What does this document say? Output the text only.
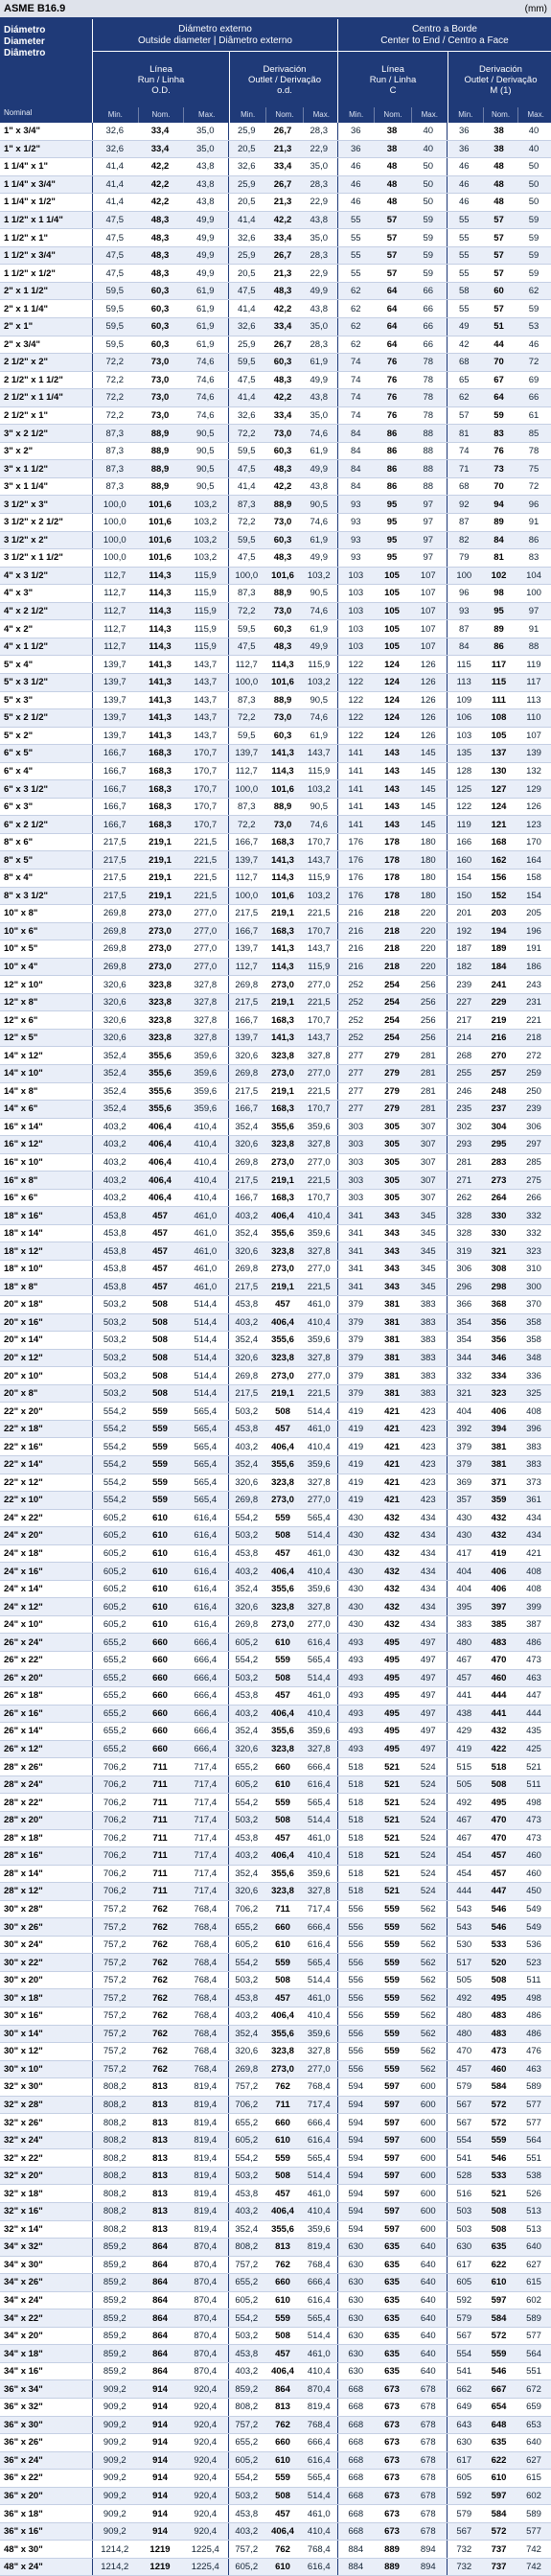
ASME B16.9	(mm)
Diámetro
Diameter
Diâmetro
Nominal
Diámetro externo
Outside diameter | Diâmetro externo
Línea
Run / Linha
O.D.
Derivación
Outlet / Derivação
o.d.
Min.	Nom.	Max.	Min.	Nom.	Max.
Centro a Borde
Center to End / Centro a Face
Línea
Run / Linha
C
Derivación
Outlet / Derivação
M (1)
Min.	Nom.	Max.	Min.	Nom.	Max.
1" x 3/4"	32,6	33,4	35,0	25,9	26,7	28,3	36	38	40	36	38	40
1" x 1/2"	32,6	33,4	35,0	20,5	21,3	22,9	36	38	40	36	38	40
1 1/4" x 1"	41,4	42,2	43,8	32,6	33,4	35,0	46	48	50	46	48	50
1 1/4" x 3/4"	41,4	42,2	43,8	25,9	26,7	28,3	46	48	50	46	48	50
1 1/4" x 1/2"	41,4	42,2	43,8	20,5	21,3	22,9	46	48	50	46	48	50
1 1/2" x 1 1/4"	47,5	48,3	49,9	41,4	42,2	43,8	55	57	59	55	57	59
1 1/2" x 1"	47,5	48,3	49,9	32,6	33,4	35,0	55	57	59	55	57	59
1 1/2" x 3/4"	47,5	48,3	49,9	25,9	26,7	28,3	55	57	59	55	57	59
1 1/2" x 1/2"	47,5	48,3	49,9	20,5	21,3	22,9	55	57	59	55	57	59
2" x 1 1/2"	59,5	60,3	61,9	47,5	48,3	49,9	62	64	66	58	60	62
2" x 1 1/4"	59,5	60,3	61,9	41,4	42,2	43,8	62	64	66	55	57	59
2" x 1"	59,5	60,3	61,9	32,6	33,4	35,0	62	64	66	49	51	53
2" x 3/4"	59,5	60,3	61,9	25,9	26,7	28,3	62	64	66	42	44	46
2 1/2" x 2"	72,2	73,0	74,6	59,5	60,3	61,9	74	76	78	68	70	72
2 1/2" x 1 1/2"	72,2	73,0	74,6	47,5	48,3	49,9	74	76	78	65	67	69
2 1/2" x 1 1/4"	72,2	73,0	74,6	41,4	42,2	43,8	74	76	78	62	64	66
2 1/2" x 1"	72,2	73,0	74,6	32,6	33,4	35,0	74	76	78	57	59	61
3" x 2 1/2"	87,3	88,9	90,5	72,2	73,0	74,6	84	86	88	81	83	85
3" x 2"	87,3	88,9	90,5	59,5	60,3	61,9	84	86	88	74	76	78
3" x 1 1/2"	87,3	88,9	90,5	47,5	48,3	49,9	84	86	88	71	73	75
3" x 1 1/4"	87,3	88,9	90,5	41,4	42,2	43,8	84	86	88	68	70	72
3 1/2" x 3"	100,0	101,6	103,2	87,3	88,9	90,5	93	95	97	92	94	96
3 1/2" x 2 1/2"	100,0	101,6	103,2	72,2	73,0	74,6	93	95	97	87	89	91
3 1/2" x 2"	100,0	101,6	103,2	59,5	60,3	61,9	93	95	97	82	84	86
3 1/2" x 1 1/2"	100,0	101,6	103,2	47,5	48,3	49,9	93	95	97	79	81	83
4" x 3 1/2"	112,7	114,3	115,9	100,0	101,6	103,2	103	105	107	100	102	104
4" x 3"	112,7	114,3	115,9	87,3	88,9	90,5	103	105	107	96	98	100
4" x 2 1/2"	112,7	114,3	115,9	72,2	73,0	74,6	103	105	107	93	95	97
4" x 2"	112,7	114,3	115,9	59,5	60,3	61,9	103	105	107	87	89	91
4" x 1 1/2"	112,7	114,3	115,9	47,5	48,3	49,9	103	105	107	84	86	88
5" x 4"	139,7	141,3	143,7	112,7	114,3	115,9	122	124	126	115	117	119
5" x 3 1/2"	139,7	141,3	143,7	100,0	101,6	103,2	122	124	126	113	115	117
5" x 3"	139,7	141,3	143,7	87,3	88,9	90,5	122	124	126	109	111	113
5" x 2 1/2"	139,7	141,3	143,7	72,2	73,0	74,6	122	124	126	106	108	110
5" x 2"	139,7	141,3	143,7	59,5	60,3	61,9	122	124	126	103	105	107
6" x 5"	166,7	168,3	170,7	139,7	141,3	143,7	141	143	145	135	137	139
6" x 4"	166,7	168,3	170,7	112,7	114,3	115,9	141	143	145	128	130	132
6" x 3 1/2"	166,7	168,3	170,7	100,0	101,6	103,2	141	143	145	125	127	129
6" x 3"	166,7	168,3	170,7	87,3	88,9	90,5	141	143	145	122	124	126
6" x 2 1/2"	166,7	168,3	170,7	72,2	73,0	74,6	141	143	145	119	121	123
8" x 6"	217,5	219,1	221,5	166,7	168,3	170,7	176	178	180	166	168	170
8" x 5"	217,5	219,1	221,5	139,7	141,3	143,7	176	178	180	160	162	164
8" x 4"	217,5	219,1	221,5	112,7	114,3	115,9	176	178	180	154	156	158
8" x 3 1/2"	217,5	219,1	221,5	100,0	101,6	103,2	176	178	180	150	152	154
10" x 8"	269,8	273,0	277,0	217,5	219,1	221,5	216	218	220	201	203	205
10" x 6"	269,8	273,0	277,0	166,7	168,3	170,7	216	218	220	192	194	196
10" x 5"	269,8	273,0	277,0	139,7	141,3	143,7	216	218	220	187	189	191
10" x 4"	269,8	273,0	277,0	112,7	114,3	115,9	216	218	220	182	184	186
12" x 10"	320,6	323,8	327,8	269,8	273,0	277,0	252	254	256	239	241	243
12" x 8"	320,6	323,8	327,8	217,5	219,1	221,5	252	254	256	227	229	231
12" x 6"	320,6	323,8	327,8	166,7	168,3	170,7	252	254	256	217	219	221
12" x 5"	320,6	323,8	327,8	139,7	141,3	143,7	252	254	256	214	216	218
14" x 12"	352,4	355,6	359,6	320,6	323,8	327,8	277	279	281	268	270	272
14" x 10"	352,4	355,6	359,6	269,8	273,0	277,0	277	279	281	255	257	259
14" x 8"	352,4	355,6	359,6	217,5	219,1	221,5	277	279	281	246	248	250
14" x 6"	352,4	355,6	359,6	166,7	168,3	170,7	277	279	281	235	237	239
16" x 14"	403,2	406,4	410,4	352,4	355,6	359,6	303	305	307	302	304	306
16" x 12"	403,2	406,4	410,4	320,6	323,8	327,8	303	305	307	293	295	297
16" x 10"	403,2	406,4	410,4	269,8	273,0	277,0	303	305	307	281	283	285
16" x 8"	403,2	406,4	410,4	217,5	219,1	221,5	303	305	307	271	273	275
16" x 6"	403,2	406,4	410,4	166,7	168,3	170,7	303	305	307	262	264	266
18" x 16"	453,8	457	461,0	403,2	406,4	410,4	341	343	345	328	330	332
18" x 14"	453,8	457	461,0	352,4	355,6	359,6	341	343	345	328	330	332
18" x 12"	453,8	457	461,0	320,6	323,8	327,8	341	343	345	319	321	323
18" x 10"	453,8	457	461,0	269,8	273,0	277,0	341	343	345	306	308	310
18" x 8"	453,8	457	461,0	217,5	219,1	221,5	341	343	345	296	298	300
20" x 18"	503,2	508	514,4	453,8	457	461,0	379	381	383	366	368	370
20" x 16"	503,2	508	514,4	403,2	406,4	410,4	379	381	383	354	356	358
20" x 14"	503,2	508	514,4	352,4	355,6	359,6	379	381	383	354	356	358
20" x 12"	503,2	508	514,4	320,6	323,8	327,8	379	381	383	344	346	348
20" x 10"	503,2	508	514,4	269,8	273,0	277,0	379	381	383	332	334	336
20" x 8"	503,2	508	514,4	217,5	219,1	221,5	379	381	383	321	323	325
22" x 20"	554,2	559	565,4	503,2	508	514,4	419	421	423	404	406	408
22" x 18"	554,2	559	565,4	453,8	457	461,0	419	421	423	392	394	396
22" x 16"	554,2	559	565,4	403,2	406,4	410,4	419	421	423	379	381	383
22" x 14"	554,2	559	565,4	352,4	355,6	359,6	419	421	423	379	381	383
22" x 12"	554,2	559	565,4	320,6	323,8	327,8	419	421	423	369	371	373
22" x 10"	554,2	559	565,4	269,8	273,0	277,0	419	421	423	357	359	361
24" x 22"	605,2	610	616,4	554,2	559	565,4	430	432	434	430	432	434
24" x 20"	605,2	610	616,4	503,2	508	514,4	430	432	434	430	432	434
24" x 18"	605,2	610	616,4	453,8	457	461,0	430	432	434	417	419	421
24" x 16"	605,2	610	616,4	403,2	406,4	410,4	430	432	434	404	406	408
24" x 14"	605,2	610	616,4	352,4	355,6	359,6	430	432	434	404	406	408
24" x 12"	605,2	610	616,4	320,6	323,8	327,8	430	432	434	395	397	399
24" x 10"	605,2	610	616,4	269,8	273,0	277,0	430	432	434	383	385	387
26" x 24"	655,2	660	666,4	605,2	610	616,4	493	495	497	480	483	486
26" x 22"	655,2	660	666,4	554,2	559	565,4	493	495	497	467	470	473
26" x 20"	655,2	660	666,4	503,2	508	514,4	493	495	497	457	460	463
26" x 18"	655,2	660	666,4	453,8	457	461,0	493	495	497	441	444	447
26" x 16"	655,2	660	666,4	403,2	406,4	410,4	493	495	497	438	441	444
26" x 14"	655,2	660	666,4	352,4	355,6	359,6	493	495	497	429	432	435
26" x 12"	655,2	660	666,4	320,6	323,8	327,8	493	495	497	419	422	425
28" x 26"	706,2	711	717,4	655,2	660	666,4	518	521	524	515	518	521
28" x 24"	706,2	711	717,4	605,2	610	616,4	518	521	524	505	508	511
28" x 22"	706,2	711	717,4	554,2	559	565,4	518	521	524	492	495	498
28" x 20"	706,2	711	717,4	503,2	508	514,4	518	521	524	467	470	473
28" x 18"	706,2	711	717,4	453,8	457	461,0	518	521	524	467	470	473
28" x 16"	706,2	711	717,4	403,2	406,4	410,4	518	521	524	454	457	460
28" x 14"	706,2	711	717,4	352,4	355,6	359,6	518	521	524	454	457	460
28" x 12"	706,2	711	717,4	320,6	323,8	327,8	518	521	524	444	447	450
30" x 28"	757,2	762	768,4	706,2	711	717,4	556	559	562	543	546	549
30" x 26"	757,2	762	768,4	655,2	660	666,4	556	559	562	543	546	549
30" x 24"	757,2	762	768,4	605,2	610	616,4	556	559	562	530	533	536
30" x 22"	757,2	762	768,4	554,2	559	565,4	556	559	562	517	520	523
30" x 20"	757,2	762	768,4	503,2	508	514,4	556	559	562	505	508	511
30" x 18"	757,2	762	768,4	453,8	457	461,0	556	559	562	492	495	498
30" x 16"	757,2	762	768,4	403,2	406,4	410,4	556	559	562	480	483	486
30" x 14"	757,2	762	768,4	352,4	355,6	359,6	556	559	562	480	483	486
30" x 12"	757,2	762	768,4	320,6	323,8	327,8	556	559	562	470	473	476
30" x 10"	757,2	762	768,4	269,8	273,0	277,0	556	559	562	457	460	463
32" x 30"	808,2	813	819,4	757,2	762	768,4	594	597	600	579	584	589
32" x 28"	808,2	813	819,4	706,2	711	717,4	594	597	600	567	572	577
32" x 26"	808,2	813	819,4	655,2	660	666,4	594	597	600	567	572	577
32" x 24"	808,2	813	819,4	605,2	610	616,4	594	597	600	554	559	564
32" x 22"	808,2	813	819,4	554,2	559	565,4	594	597	600	541	546	551
32" x 20"	808,2	813	819,4	503,2	508	514,4	594	597	600	528	533	538
32" x 18"	808,2	813	819,4	453,8	457	461,0	594	597	600	516	521	526
32" x 16"	808,2	813	819,4	403,2	406,4	410,4	594	597	600	503	508	513
32" x 14"	808,2	813	819,4	352,4	355,6	359,6	594	597	600	503	508	513
34" x 32"	859,2	864	870,4	808,2	813	819,4	630	635	640	630	635	640
34" x 30"	859,2	864	870,4	757,2	762	768,4	630	635	640	617	622	627
34" x 26"	859,2	864	870,4	655,2	660	666,4	630	635	640	605	610	615
34" x 24"	859,2	864	870,4	605,2	610	616,4	630	635	640	592	597	602
34" x 22"	859,2	864	870,4	554,2	559	565,4	630	635	640	579	584	589
34" x 20"	859,2	864	870,4	503,2	508	514,4	630	635	640	567	572	577
34" x 18"	859,2	864	870,4	453,8	457	461,0	630	635	640	554	559	564
34" x 16"	859,2	864	870,4	403,2	406,4	410,4	630	635	640	541	546	551
36" x 34"	909,2	914	920,4	859,2	864	870,4	668	673	678	662	667	672
36" x 32"	909,2	914	920,4	808,2	813	819,4	668	673	678	649	654	659
36" x 30"	909,2	914	920,4	757,2	762	768,4	668	673	678	643	648	653
36" x 26"	909,2	914	920,4	655,2	660	666,4	668	673	678	630	635	640
36" x 24"	909,2	914	920,4	605,2	610	616,4	668	673	678	617	622	627
36" x 22"	909,2	914	920,4	554,2	559	565,4	668	673	678	605	610	615
36" x 20"	909,2	914	920,4	503,2	508	514,4	668	673	678	592	597	602
36" x 18"	909,2	914	920,4	453,8	457	461,0	668	673	678	579	584	589
36" x 16"	909,2	914	920,4	403,2	406,4	410,4	668	673	678	567	572	577
48" x 30"	1214,2	1219	1225,4	757,2	762	768,4	884	889	894	732	737	742
48" x 24"	1214,2	1219	1225,4	605,2	610	616,4	884	889	894	732	737	742
